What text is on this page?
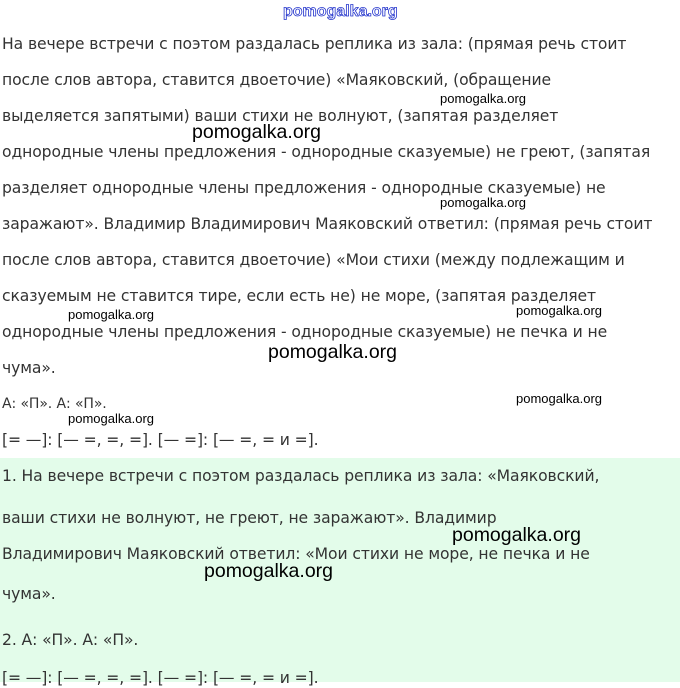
На вечере встречи с поэтом раздалась реплика из зала: (прямая речь стоит
после слов автора, ставится двоеточие) «Маяковский, (обращение
выделяется запятыми) ваши стихи не волнуют, (запятая разделяет
однородные члены предложения - однородные сказуемые) не греют, (запятая
разделяет однородные члены предложения - однородные сказуемые) не
заражают». Владимир Владимирович Маяковский ответил: (прямая речь стоит
после слов автора, ставится двоеточие) «Мои стихи (между подлежащим и
сказуемым не ставится тире, если есть не) не море, (запятая разделяет
однородные члены предложения - однородные сказуемые) не печка и не
чума».
А: «П». А: «П».
[= —]: [— =, =, =]. [— =]: [— =, = и =].
1. На вечере встречи с поэтом раздалась реплика из зала: «Маяковский,
ваши стихи не волнуют, не греют, не заражают». Владимир
Владимирович Маяковский ответил: «Мои стихи не море, не печка и не
чума».
2. А: «П». А: «П».
[= —]: [— =, =, =]. [— =]: [— =, = и =].
pomogalka.org
pomogalka.org
pomogalka.org
pomogalka.org
pomogalka.org	pomogalka.org
pomogalka.org
pomogalka.org
pomogalka.org
pomogalka.org
pomogalka.org
